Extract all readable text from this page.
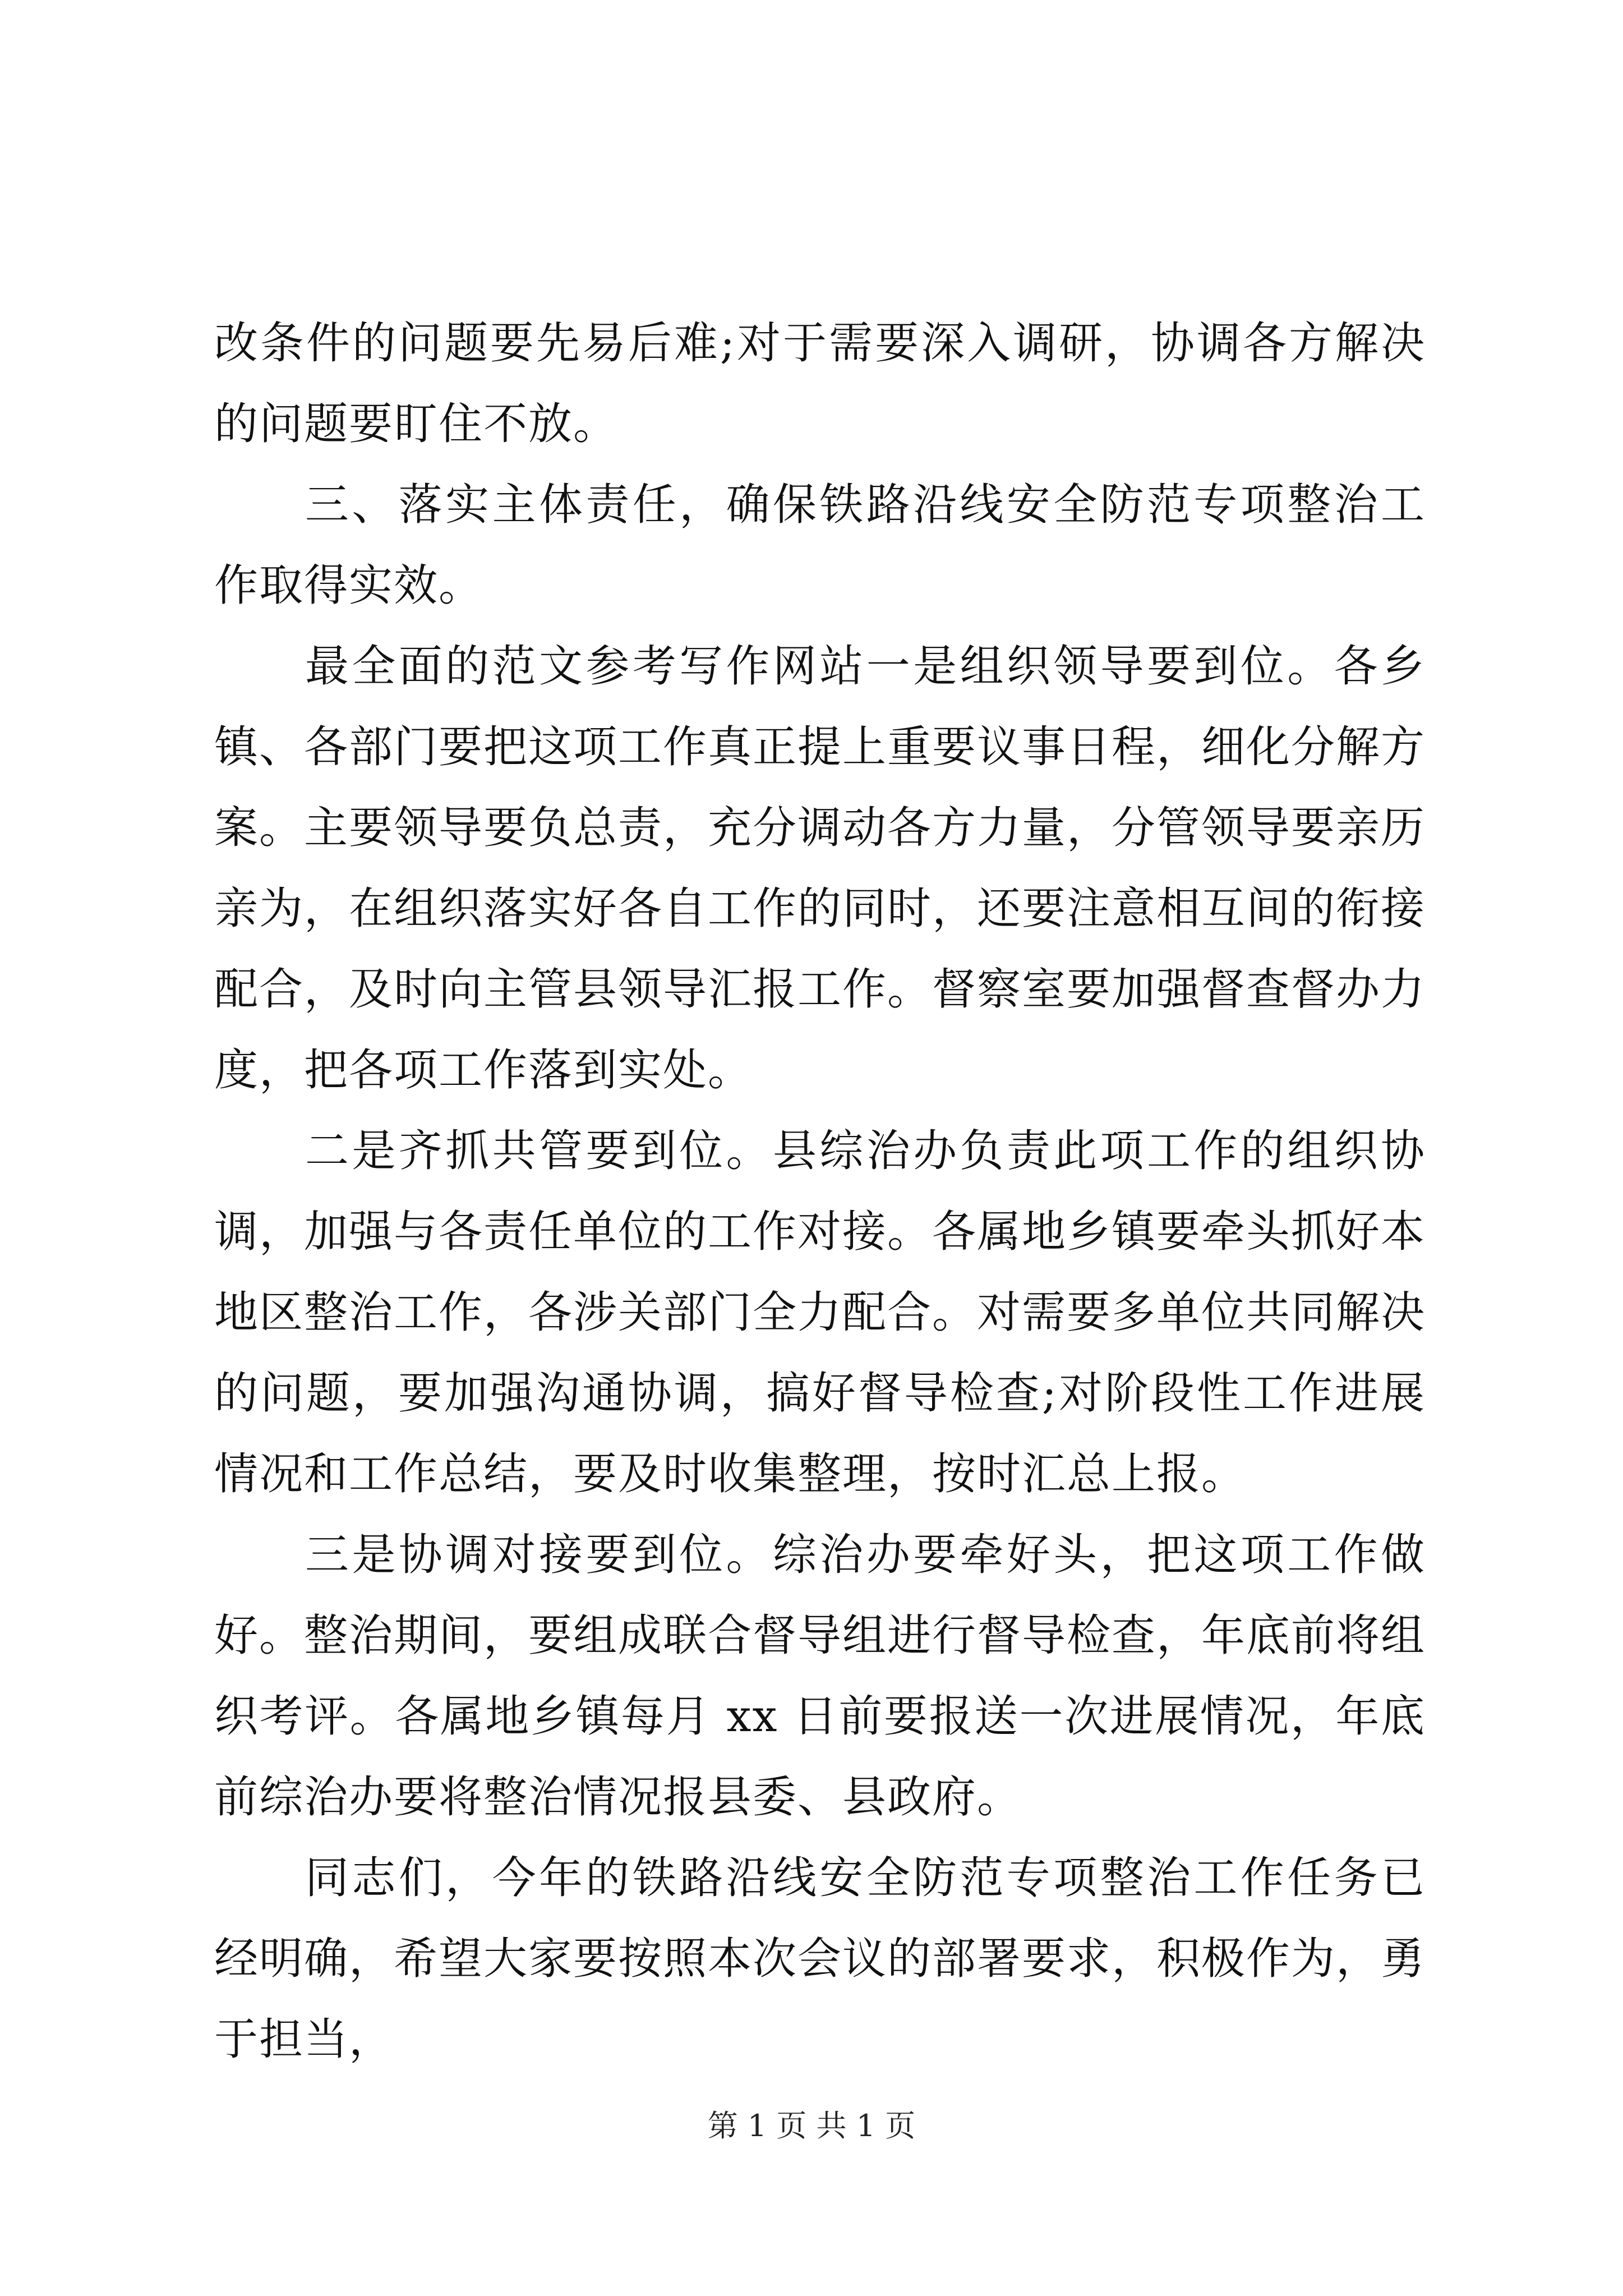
改条件的问题要先易后难;对于需要深入调研，协调各方解决的问题要盯住不放。

三、落实主体责任，确保铁路沿线安全防范专项整治工作取得实效。

最全面的范文参考写作网站一是组织领导要到位。各乡镇、各部门要把这项工作真正提上重要议事日程，细化分解方案。主要领导要负总责，充分调动各方力量，分管领导要亲历亲为，在组织落实好各自工作的同时，还要注意相互间的衔接配合，及时向主管县领导汇报工作。督察室要加强督查督办力度，把各项工作落到实处。

二是齐抓共管要到位。县综治办负责此项工作的组织协调，加强与各责任单位的工作对接。各属地乡镇要牵头抓好本地区整治工作，各涉关部门全力配合。对需要多单位共同解决的问题，要加强沟通协调，搞好督导检查;对阶段性工作进展情况和工作总结，要及时收集整理，按时汇总上报。

三是协调对接要到位。综治办要牵好头，把这项工作做好。整治期间，要组成联合督导组进行督导检查，年底前将组织考评。各属地乡镇每月 xx 日前要报送一次进展情况，年底前综治办要将整治情况报县委、县政府。

同志们，今年的铁路沿线安全防范专项整治工作任务已经明确，希望大家要按照本次会议的部署要求，积极作为，勇于担当，

第 1 页 共 1 页
